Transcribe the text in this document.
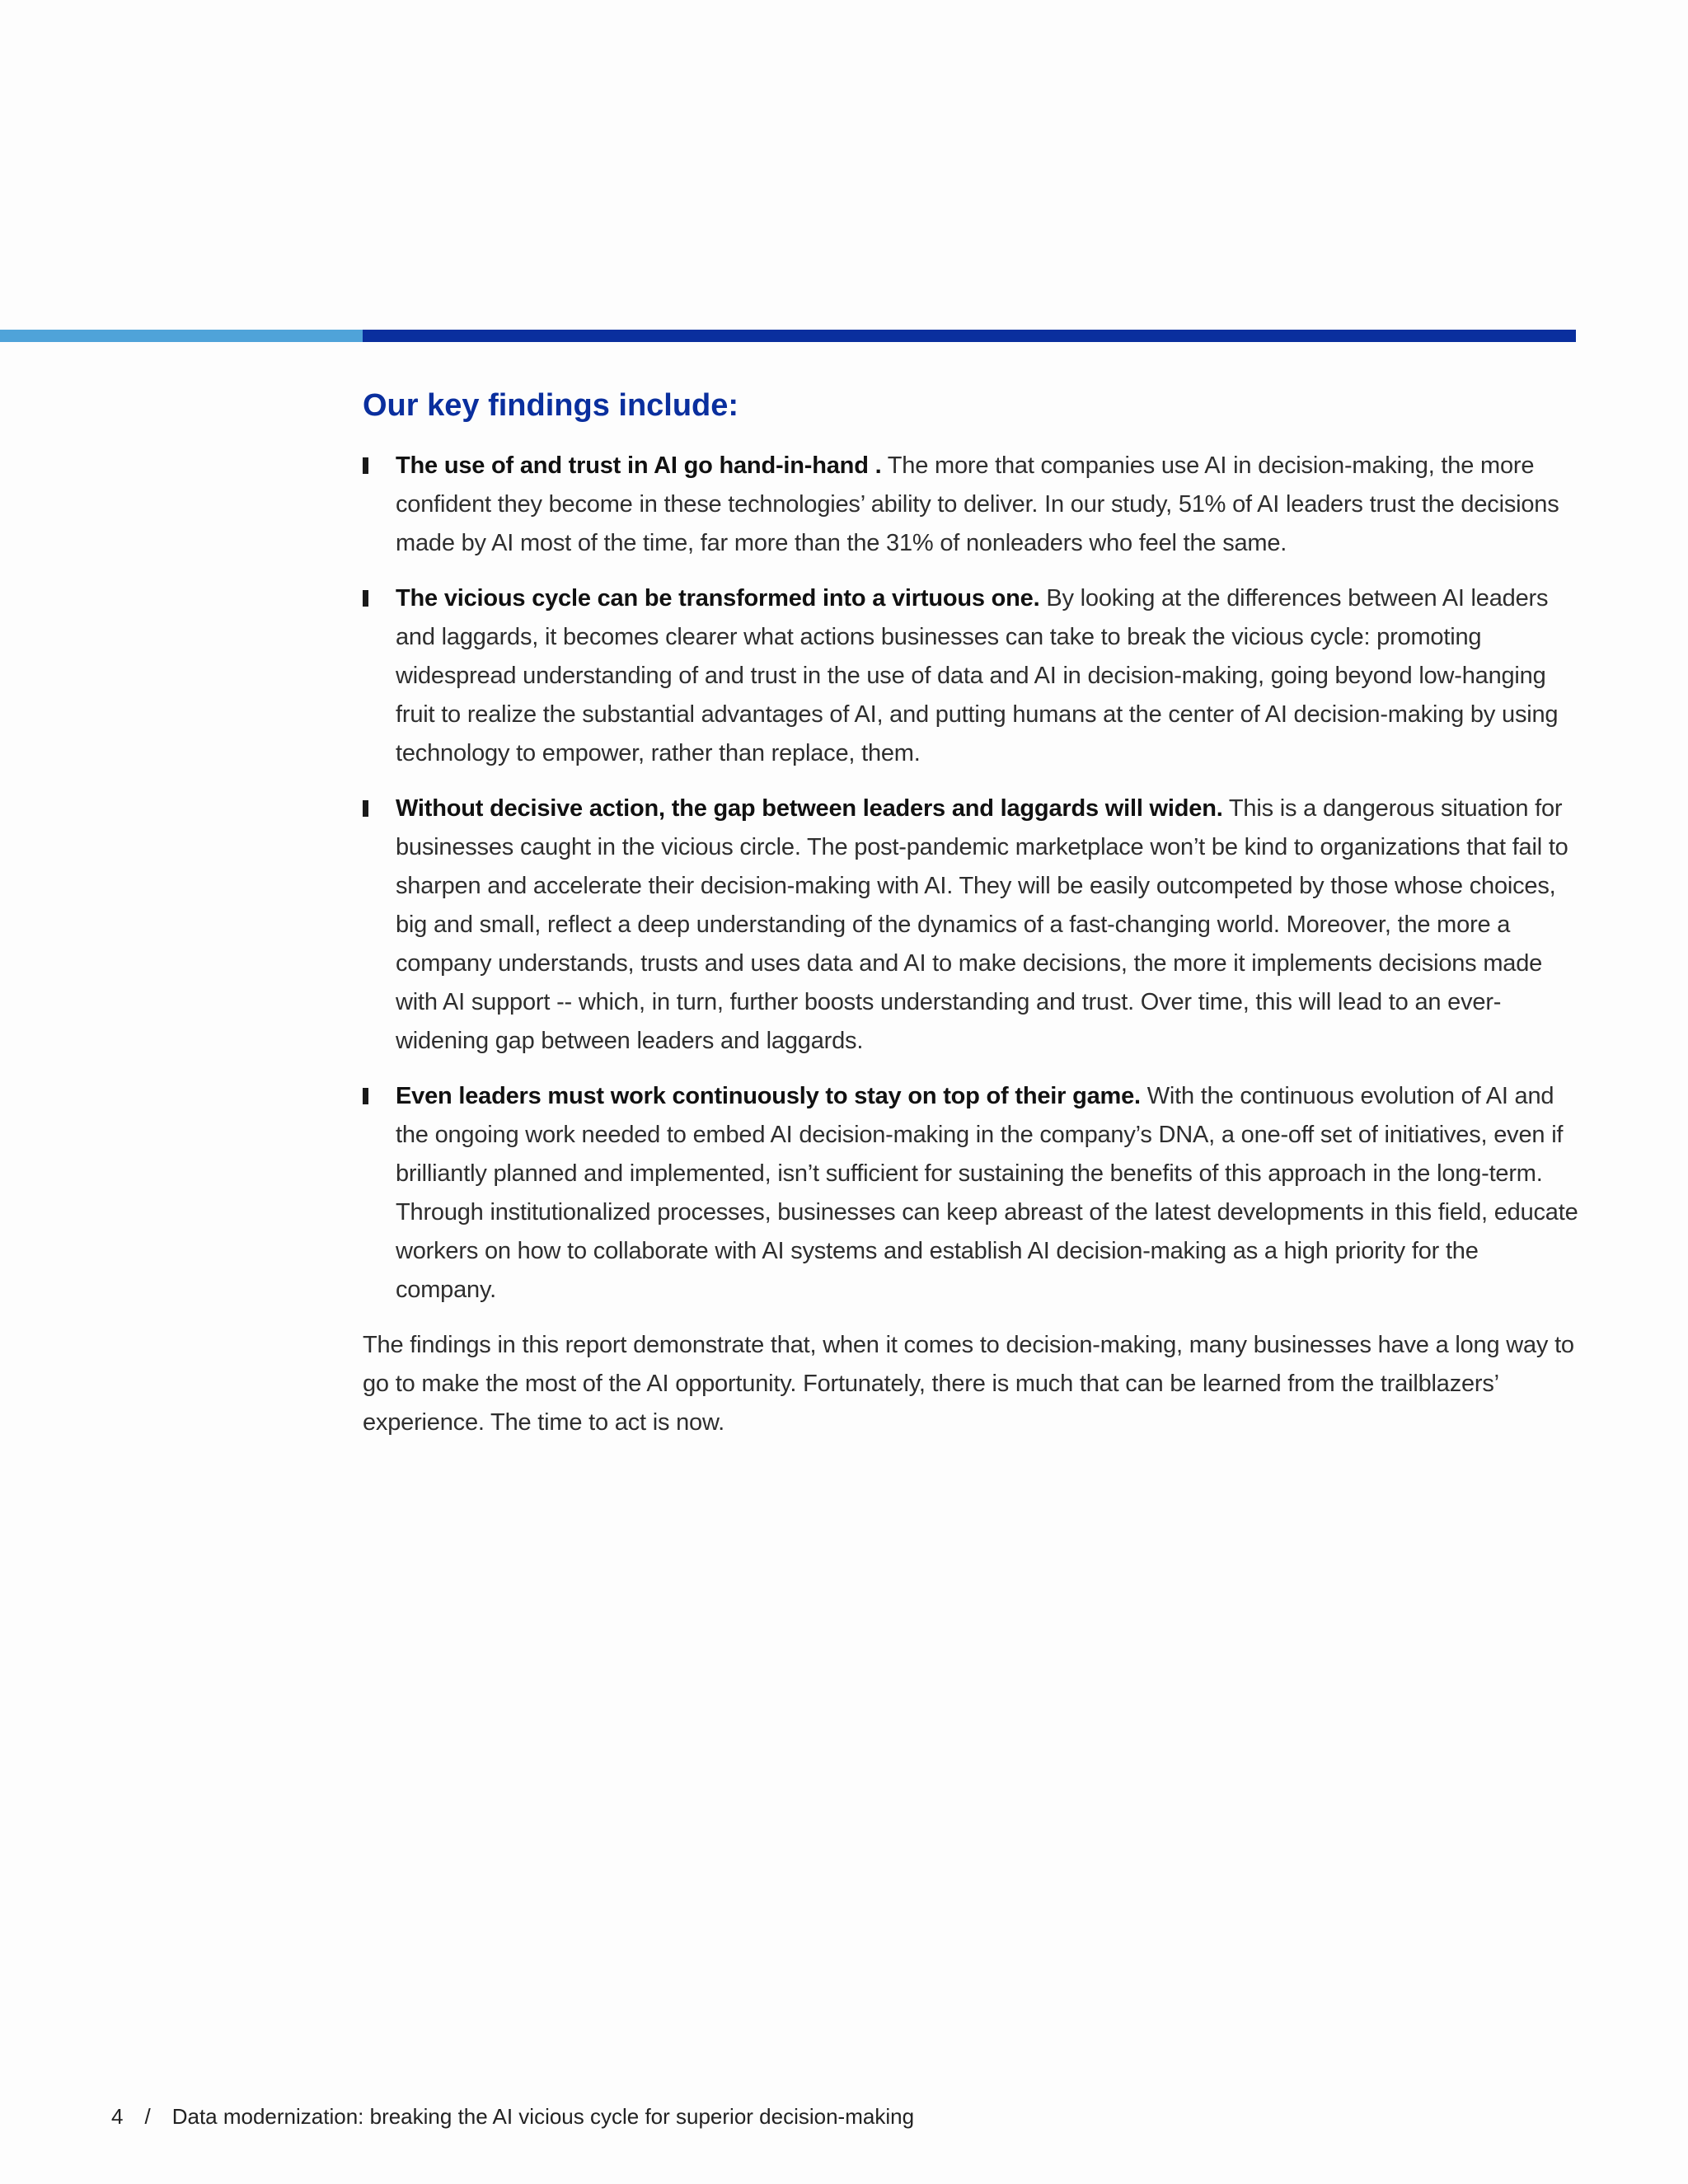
Our key findings include:
The use of and trust in AI go hand-in-hand . The more that companies use AI in decision-making, the more confident they become in these technologies’ ability to deliver. In our study, 51% of AI leaders trust the decisions made by AI most of the time, far more than the 31% of nonleaders who feel the same.
The vicious cycle can be transformed into a virtuous one. By looking at the differences between AI leaders and laggards, it becomes clearer what actions businesses can take to break the vicious cycle: promoting widespread understanding of and trust in the use of data and AI in decision-making, going beyond low-hanging fruit to realize the substantial advantages of AI, and putting humans at the center of AI decision-making by using technology to empower, rather than replace, them.
Without decisive action, the gap between leaders and laggards will widen. This is a dangerous situation for businesses caught in the vicious circle. The post-pandemic marketplace won’t be kind to organizations that fail to sharpen and accelerate their decision-making with AI. They will be easily outcompeted by those whose choices, big and small, reflect a deep understanding of the dynamics of a fast-changing world. Moreover, the more a company understands, trusts and uses data and AI to make decisions, the more it implements decisions made with AI support -- which, in turn, further boosts understanding and trust. Over time, this will lead to an ever-widening gap between leaders and laggards.
Even leaders must work continuously to stay on top of their game. With the continuous evolution of AI and the ongoing work needed to embed AI decision-making in the company’s DNA, a one-off set of initiatives, even if brilliantly planned and implemented, isn’t sufficient for sustaining the benefits of this approach in the long-term. Through institutionalized processes, businesses can keep abreast of the latest developments in this field, educate workers on how to collaborate with AI systems and establish AI decision-making as a high priority for the company.

The findings in this report demonstrate that, when it comes to decision-making, many businesses have a long way to go to make the most of the AI opportunity. Fortunately, there is much that can be learned from the trailblazers’ experience. The time to act is now.

4 / Data modernization: breaking the AI vicious cycle for superior decision-making
